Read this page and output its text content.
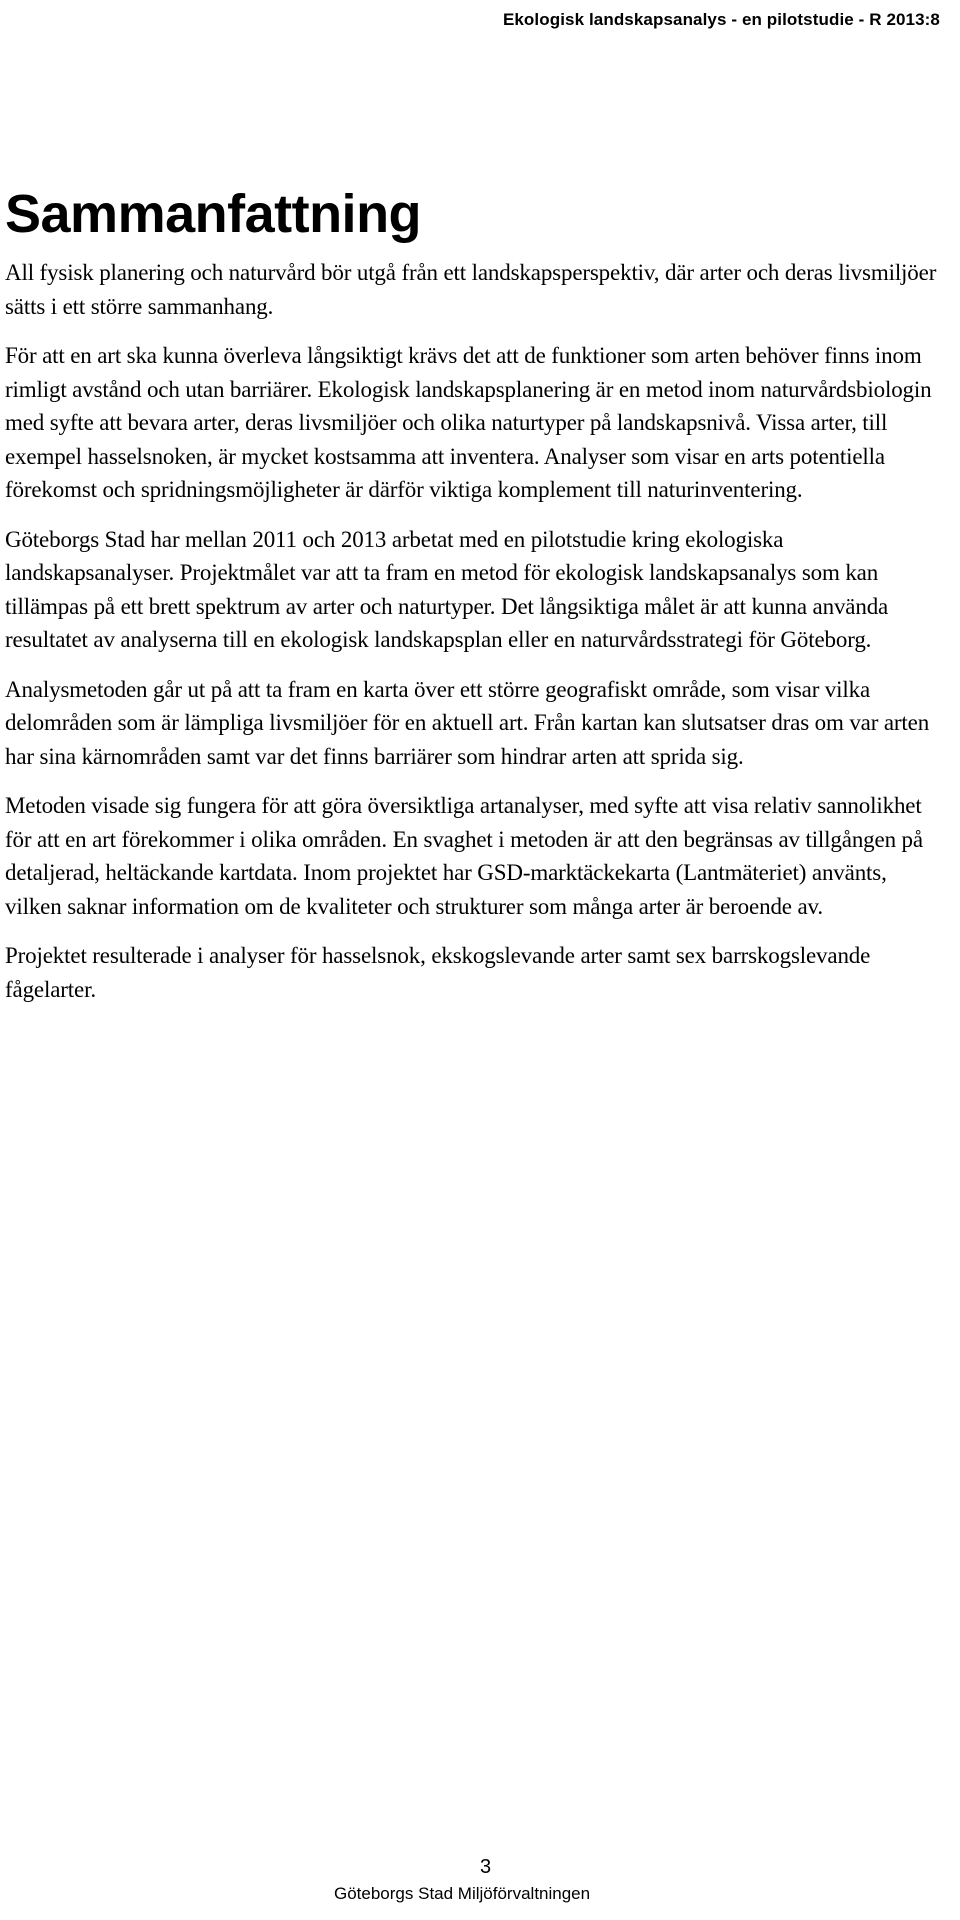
Ekologisk landskapsanalys - en pilotstudie - R 2013:8
Sammanfattning

All fysisk planering och naturvård bör utgå från ett landskapsperspektiv, där arter och deras livsmiljöer sätts i ett större sammanhang.

För att en art ska kunna överleva långsiktigt krävs det att de funktioner som arten behöver finns inom rimligt avstånd och utan barriärer. Ekologisk landskapsplanering är en metod inom naturvårdsbiologin med syfte att bevara arter, deras livsmiljöer och olika naturtyper på landskapsnivå. Vissa arter, till exempel hasselsnoken, är mycket kostsamma att inventera. Analyser som visar en arts potentiella förekomst och spridningsmöjligheter är därför viktiga komplement till naturinventering.

Göteborgs Stad har mellan 2011 och 2013 arbetat med en pilotstudie kring ekologiska landskapsanalyser. Projektmålet var att ta fram en metod för ekologisk landskapsanalys som kan tillämpas på ett brett spektrum av arter och naturtyper. Det långsiktiga målet är att kunna använda resultatet av analyserna till en ekologisk landskapsplan eller en naturvårdsstrategi för Göteborg.

Analysmetoden går ut på att ta fram en karta över ett större geografiskt område, som visar vilka delområden som är lämpliga livsmiljöer för en aktuell art. Från kartan kan slutsatser dras om var arten har sina kärnområden samt var det finns barriärer som hindrar arten att sprida sig.

Metoden visade sig fungera för att göra översiktliga artanalyser, med syfte att visa relativ sannolikhet för att en art förekommer i olika områden. En svaghet i metoden är att den begränsas av tillgången på detaljerad, heltäckande kartdata. Inom projektet har GSD-marktäckekarta (Lantmäteriet) använts, vilken saknar information om de kvaliteter och strukturer som många arter är beroende av.

Projektet resulterade i analyser för hasselsnok, ekskogslevande arter samt sex barrskogslevande fågelarter.

3
Göteborgs Stad Miljöförvaltningen
